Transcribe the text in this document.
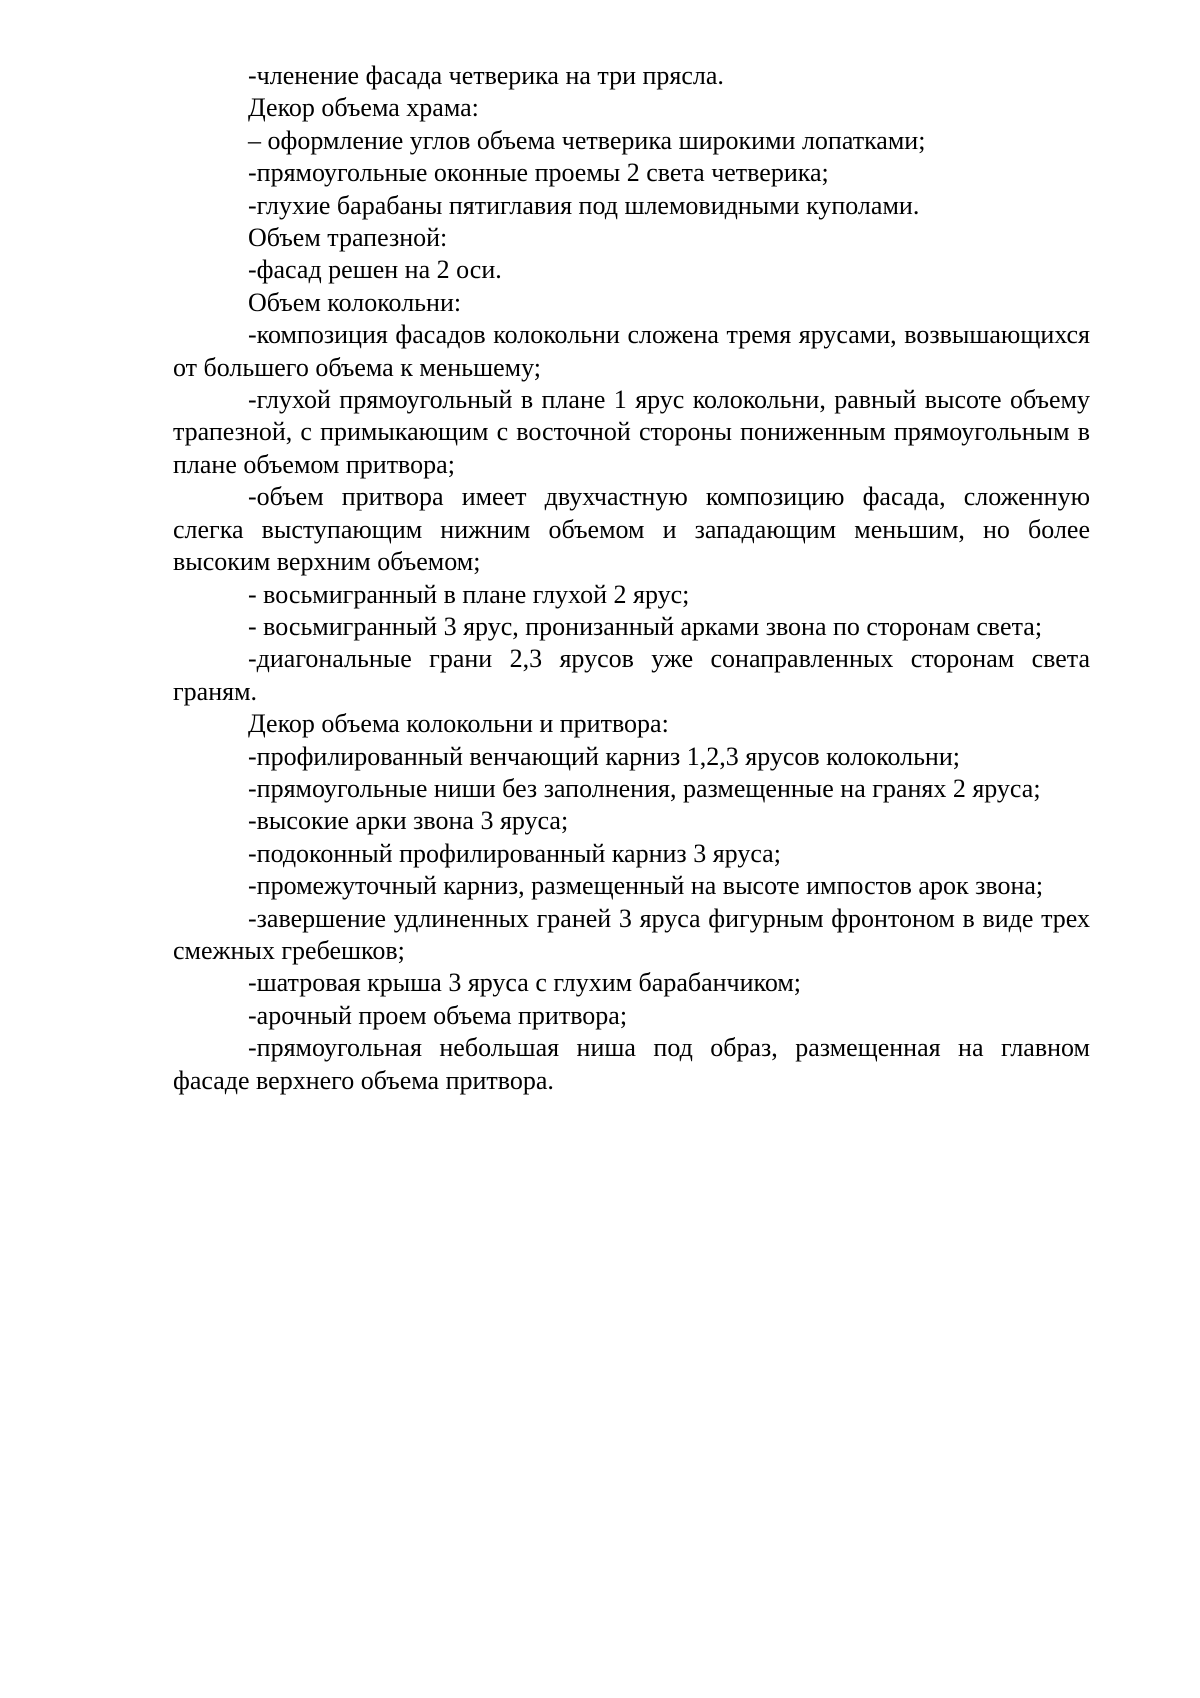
-членение фасада четверика на три прясла.

Декор объема храма:

– оформление углов объема четверика широкими лопатками;

-прямоугольные оконные проемы 2 света четверика;

-глухие барабаны пятиглавия под шлемовидными куполами.

Объем трапезной:

-фасад решен на 2 оси.

Объем колокольни:

-композиция фасадов колокольни сложена тремя ярусами, возвышающихся от большего объема к меньшему;

-глухой прямоугольный в плане 1 ярус колокольни, равный высоте объему трапезной, с примыкающим с восточной стороны пониженным прямоугольным в плане объемом притвора;

-объем притвора имеет двухчастную композицию фасада, сложенную слегка выступающим нижним объемом и западающим меньшим, но более высоким верхним объемом;

- восьмигранный в плане глухой 2 ярус;

- восьмигранный 3 ярус, пронизанный арками звона по сторонам света;

-диагональные грани 2,3 ярусов уже сонаправленных сторонам света граням.

Декор объема колокольни и притвора:

-профилированный венчающий карниз 1,2,3 ярусов колокольни;

-прямоугольные ниши без заполнения, размещенные на гранях 2 яруса;

-высокие арки звона 3 яруса;

-подоконный профилированный карниз 3 яруса;

-промежуточный карниз, размещенный на высоте импостов арок звона;

-завершение удлиненных граней 3 яруса фигурным фронтоном в виде трех смежных гребешков;

-шатровая крыша 3 яруса с глухим барабанчиком;

-арочный проем объема притвора;

-прямоугольная небольшая ниша под образ, размещенная на главном фасаде верхнего объема притвора.
